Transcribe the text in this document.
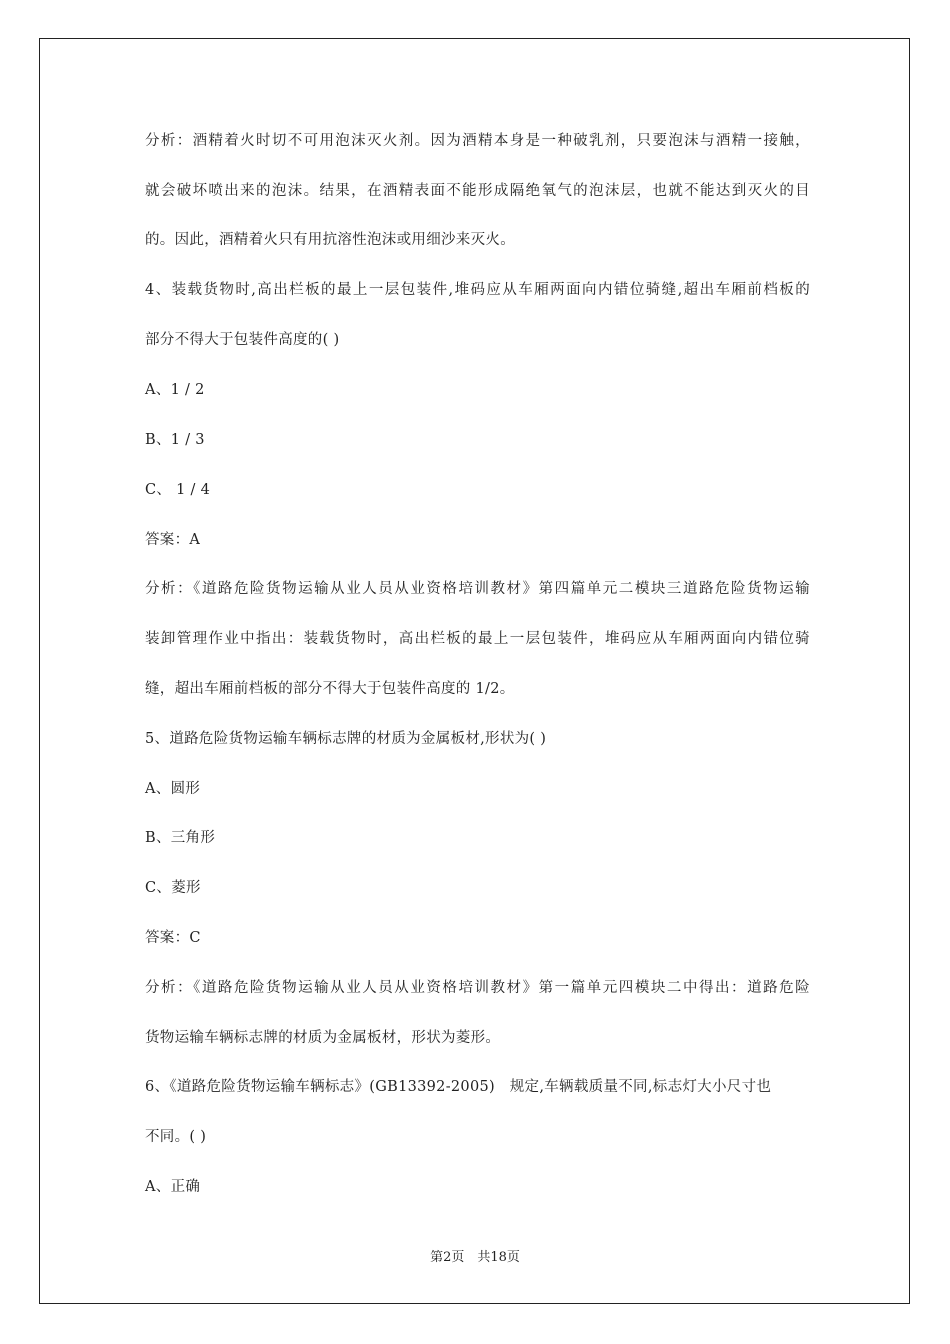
分析：酒精着火时切不可用泡沫灭火剂。因为酒精本身是一种破乳剂，只要泡沫与酒精一接触，
就会破坏喷出来的泡沫。结果，在酒精表面不能形成隔绝氧气的泡沫层，也就不能达到灭火的目
的。因此，酒精着火只有用抗溶性泡沫或用细沙来灭火。
4、装载货物时,高出栏板的最上一层包装件,堆码应从车厢两面向内错位骑缝,超出车厢前档板的
部分不得大于包装件高度的( )
A、1 / 2
B、1 / 3
C、 1 / 4
答案：A
分析：《道路危险货物运输从业人员从业资格培训教材》第四篇单元二模块三道路危险货物运输
装卸管理作业中指出：装载货物时，高出栏板的最上一层包装件，堆码应从车厢两面向内错位骑
缝，超出车厢前档板的部分不得大于包装件高度的 1/2。
5、道路危险货物运输车辆标志牌的材质为金属板材,形状为( )
A、圆形
B、三角形
C、菱形
答案：C
分析：《道路危险货物运输从业人员从业资格培训教材》第一篇单元四模块二中得出：道路危险
货物运输车辆标志牌的材质为金属板材，形状为菱形。
6、《道路危险货物运输车辆标志》(GB13392-2005)　规定,车辆载质量不同,标志灯大小尺寸也
不同。( )
A、正确
第2页　共18页
